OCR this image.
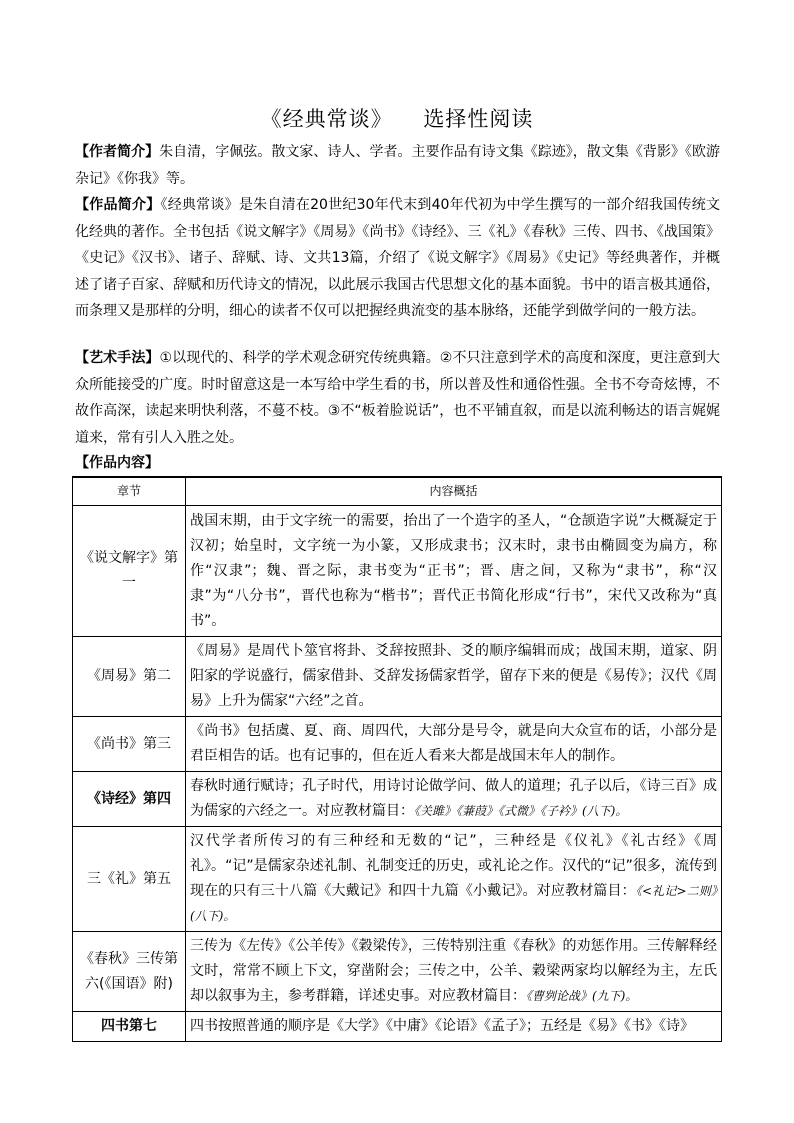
《经典常谈》    选择性阅读
【作者简介】朱自清，字佩弦。散文家、诗人、学者。主要作品有诗文集《踪迹》，散文集《背影》《欧游杂记》《你我》等。
【作品简介】《经典常谈》是朱自清在20世纪30年代末到40年代初为中学生撰写的一部介绍我国传统文化经典的著作。全书包括《说文解字》《周易》《尚书》《诗经》、三《礼》《春秋》三传、四书、《战国策》《史记》《汉书》、诸子、辞赋、诗、文共13篇，介绍了《说文解字》《周易》《史记》等经典著作，并概述了诸子百家、辞赋和历代诗文的情况，以此展示我国古代思想文化的基本面貌。书中的语言极其通俗，而条理又是那样的分明，细心的读者不仅可以把握经典流变的基本脉络，还能学到做学问的一般方法。
【艺术手法】①以现代的、科学的学术观念研究传统典籍。②不只注意到学术的高度和深度，更注意到大众所能接受的广度。时时留意这是一本写给中学生看的书，所以普及性和通俗性强。全书不夸奇炫博，不故作高深，读起来明快利落，不蔓不枝。③不“板着脸说话”，也不平铺直叙，而是以流利畅达的语言娓娓道来，常有引人入胜之处。
【作品内容】
章节	内容概括
《说文解字》第一	战国末期，由于文字统一的需要，抬出了一个造字的圣人，“仓颉造字说”大概凝定于汉初；始皇时，文字统一为小篆，又形成隶书；汉末时，隶书由椭圆变为扁方，称作“汉隶”；魏、晋之际，隶书变为“正书”；晋、唐之间，又称为“隶书”，称“汉隶”为“八分书”，晋代也称为“楷书”；晋代正书简化形成“行书”，宋代又改称为“真书”。
《周易》第二	《周易》是周代卜筮官将卦、爻辞按照卦、爻的顺序编辑而成；战国末期，道家、阴阳家的学说盛行，儒家借卦、爻辞发扬儒家哲学，留存下来的便是《易传》；汉代《周易》上升为儒家“六经”之首。
《尚书》第三	《尚书》包括虞、夏、商、周四代，大部分是号令，就是向大众宣布的话，小部分是君臣相告的话。也有记事的，但在近人看来大都是战国末年人的制作。
《诗经》第四	春秋时通行赋诗；孔子时代，用诗讨论做学问、做人的道理；孔子以后，《诗三百》成为儒家的六经之一。对应教材篇目：《关雎》《蒹葭》《式微》《子衿》(八下)。
三《礼》第五	汉代学者所传习的有三种经和无数的“记”，三种经是《仪礼》《礼古经》《周礼》。“记”是儒家杂述礼制、礼制变迁的历史，或礼论之作。汉代的“记”很多，流传到现在的只有三十八篇《大戴记》和四十九篇《小戴记》。对应教材篇目：《<礼记>二则》(八下)。
《春秋》三传第六(《国语》附)	三传为《左传》《公羊传》《穀梁传》，三传特别注重《春秋》的劝惩作用。三传解释经文时，常常不顾上下文，穿凿附会；三传之中，公羊、穀梁两家均以解经为主，左氏却以叙事为主，参考群籍，详述史事。对应教材篇目：《曹刿论战》(九下)。
四书第七	四书按照普通的顺序是《大学》《中庸》《论语》《孟子》；五经是《易》《书》《诗》
